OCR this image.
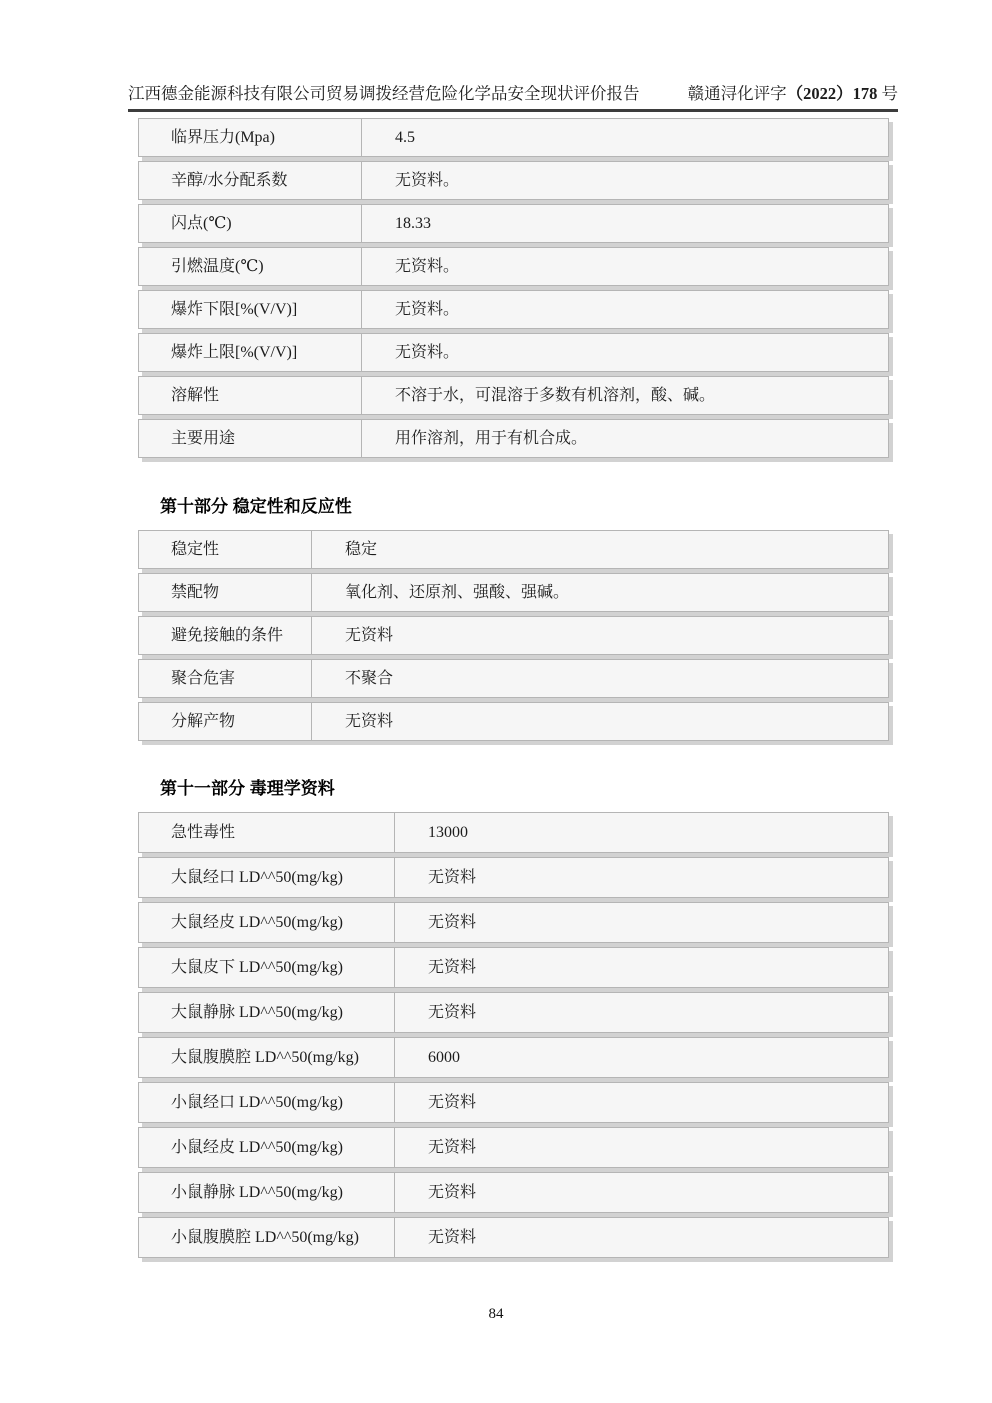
江西德金能源科技有限公司贸易调拨经营危险化学品安全现状评价报告	赣通浔化评字（2022）178 号
临界压力(Mpa)	4.5
辛醇/水分配系数	无资料。
闪点(℃)	18.33
引燃温度(℃)	无资料。
爆炸下限[%(V/V)]	无资料。
爆炸上限[%(V/V)]	无资料。
溶解性	不溶于水，可混溶于多数有机溶剂，酸、碱。
主要用途	用作溶剂，用于有机合成。
第十部分 稳定性和反应性
稳定性	稳定
禁配物	氧化剂、还原剂、强酸、强碱。
避免接触的条件	无资料
聚合危害	不聚合
分解产物	无资料
第十一部分 毒理学资料
急性毒性	13000
大鼠经口 LD^^50(mg/kg)	无资料
大鼠经皮 LD^^50(mg/kg)	无资料
大鼠皮下 LD^^50(mg/kg)	无资料
大鼠静脉 LD^^50(mg/kg)	无资料
大鼠腹膜腔 LD^^50(mg/kg)	6000
小鼠经口 LD^^50(mg/kg)	无资料
小鼠经皮 LD^^50(mg/kg)	无资料
小鼠静脉 LD^^50(mg/kg)	无资料
小鼠腹膜腔 LD^^50(mg/kg)	无资料
84
